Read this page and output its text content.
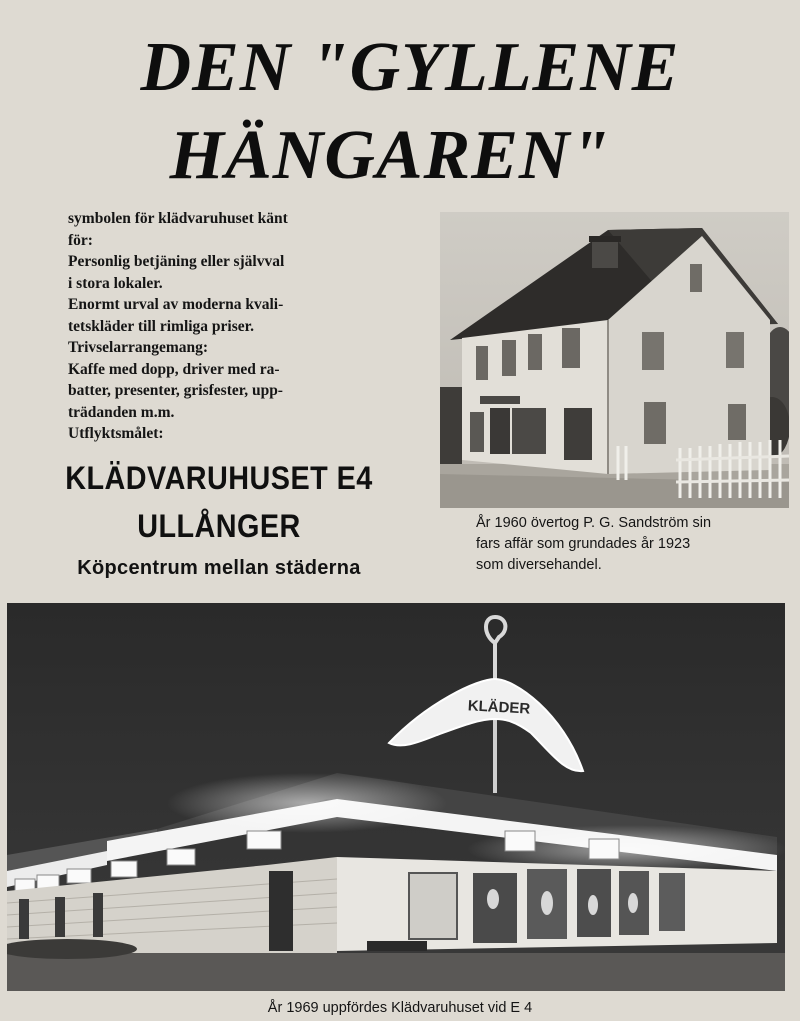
DEN "GYLLENE
HÄNGAREN"
symbolen för klädvaruhuset känt
för:
Personlig betjäning eller självval
i stora lokaler.
Enormt urval av moderna kvali-
tetskläder till rimliga priser.
Trivselarrangemang:
Kaffe med dopp, driver med ra-
batter, presenter, grisfester, upp-
trädanden m.m.
Utflyktsmålet:
KLÄDVARUHUSET E4
ULLÅNGER
Köpcentrum mellan städerna
År 1960 övertog P. G. Sandström sin
fars affär som grundades år 1923
som diversehandel.
KLÄDER
År 1969 uppfördes Klädvaruhuset vid E 4
